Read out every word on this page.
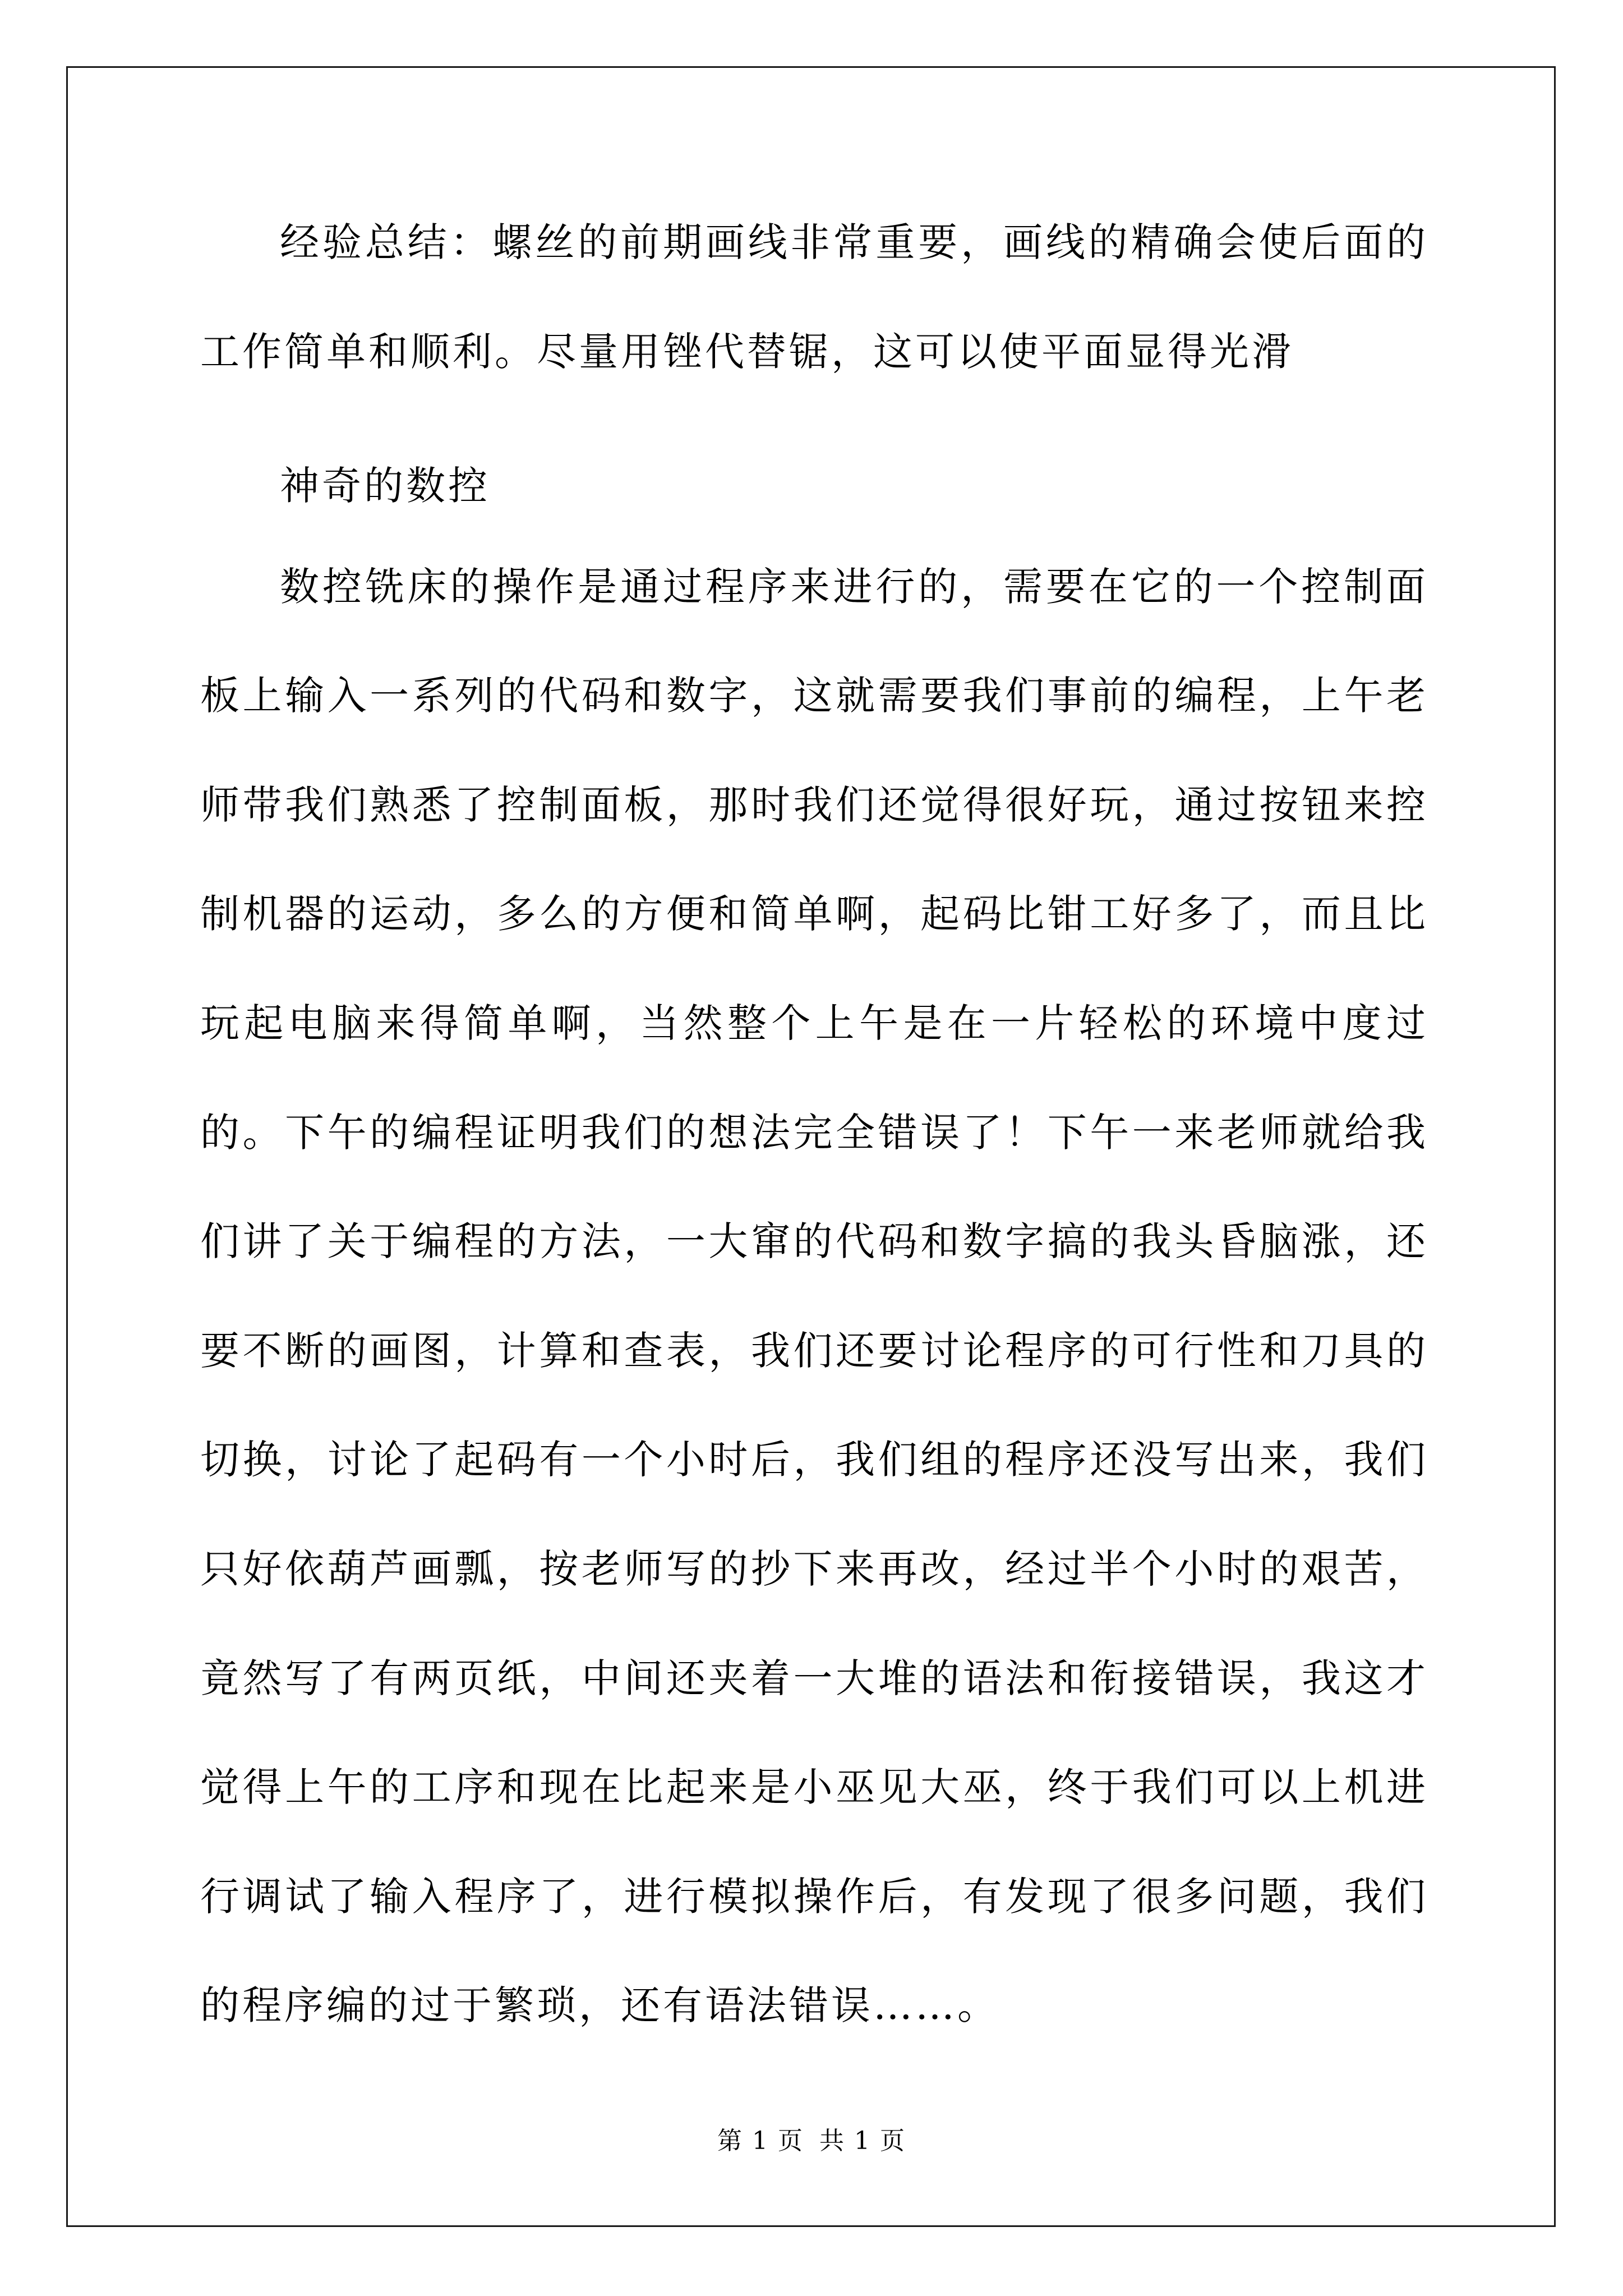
经验总结：螺丝的前期画线非常重要，画线的精确会使后面的工作简单和顺利。尽量用锉代替锯，这可以使平面显得光滑

神奇的数控

数控铣床的操作是通过程序来进行的，需要在它的一个控制面板上输入一系列的代码和数字，这就需要我们事前的编程，上午老师带我们熟悉了控制面板，那时我们还觉得很好玩，通过按钮来控制机器的运动，多么的方便和简单啊，起码比钳工好多了，而且比玩起电脑来得简单啊，当然整个上午是在一片轻松的环境中度过的。下午的编程证明我们的想法完全错误了！下午一来老师就给我们讲了关于编程的方法，一大窜的代码和数字搞的我头昏脑涨，还要不断的画图，计算和查表，我们还要讨论程序的可行性和刀具的切换，讨论了起码有一个小时后，我们组的程序还没写出来，我们只好依葫芦画瓢，按老师写的抄下来再改，经过半个小时的艰苦，竟然写了有两页纸，中间还夹着一大堆的语法和衔接错误，我这才觉得上午的工序和现在比起来是小巫见大巫，终于我们可以上机进行调试了输入程序了，进行模拟操作后，有发现了很多问题，我们的程序编的过于繁琐，还有语法错误……。

第 1 页 共 1 页
